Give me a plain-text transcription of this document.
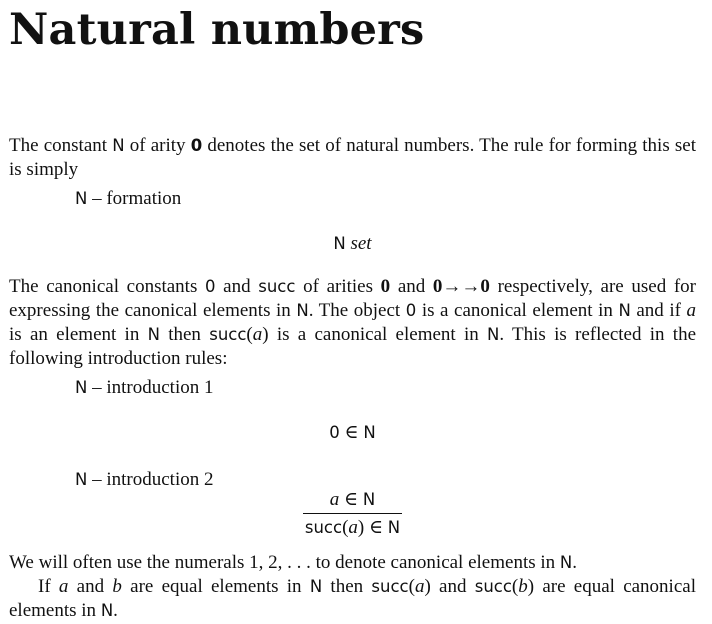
Natural numbers

The constant N of arity 0 denotes the set of natural numbers. The rule for forming this set is simply

N – formation
N set

The canonical constants 0 and succ of arities 0 and 0→→0 respectively, are used for expressing the canonical elements in N. The object 0 is a canonical element in N and if a is an element in N then succ(a) is a canonical element in N. This is reflected in the following introduction rules:

N – introduction 1
0 ∈ N
N – introduction 2
$\frac{a \in N}{\text{succ(a) ∈ N}}$

We will often use the numerals 1, 2, . . . to denote canonical elements in N.

If a and b are equal elements in N then succ(a) and succ(b) are equal canonical elements in N.
